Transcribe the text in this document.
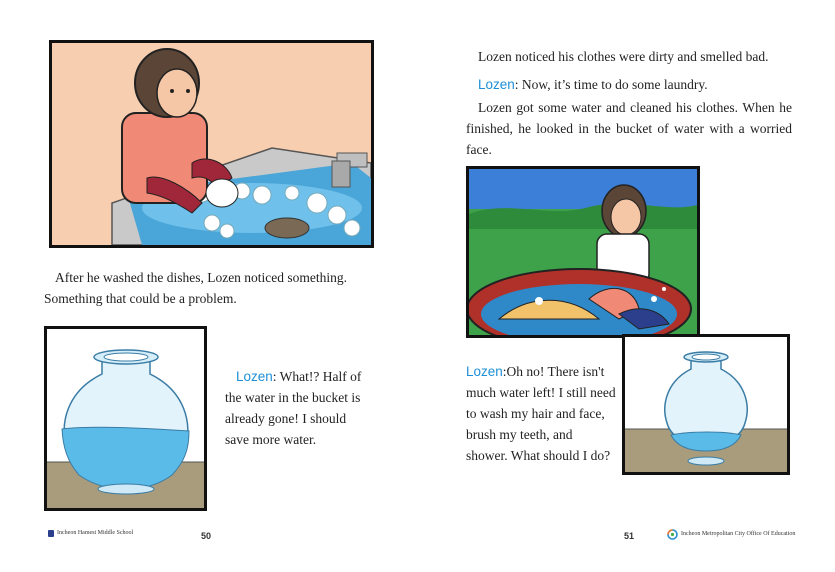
After he washed the dishes, Lozen noticed something. Something that could be a problem.
Lozen: What!? Half of the water in the bucket is already gone! I should save more water.
Incheon Hamest Middle School	50
Lozen noticed his clothes were dirty and smelled bad.
Lozen: Now, it’s time to do some laundry.
Lozen got some water and cleaned his clothes. When he finished, he looked in the bucket of water with a worried face.
Lozen:Oh no! There isn't much water left! I still need to wash my hair and face, brush my teeth, and shower. What should I do?
51	Incheon Metropolitan City Office Of Education
